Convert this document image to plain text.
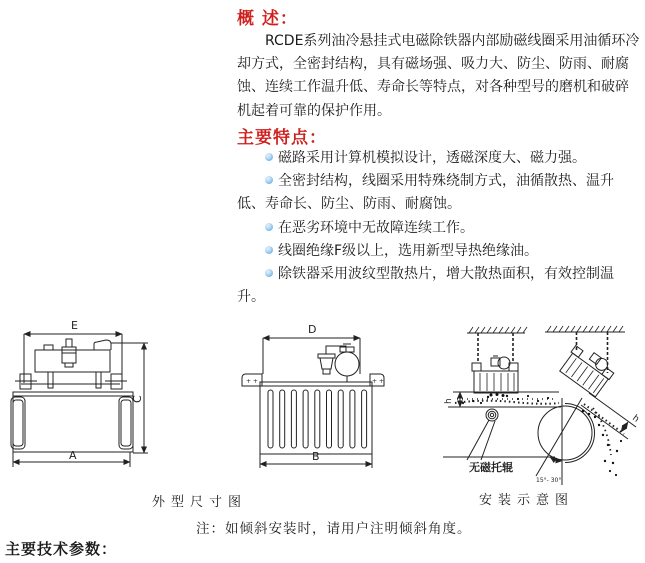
概 述：

RCDE系列油冷悬挂式电磁除铁器内部励磁线圈采用油循环冷却方式，全密封结构，具有磁场强、吸力大、防尘、防雨、耐腐蚀、连续工作温升低、寿命长等特点，对各种型号的磨机和破碎机起着可靠的保护作用。

主要特点：
磁路采用计算机模拟设计，透磁深度大、磁力强。
全密封结构，线圈采用特殊绕制方式，油循散热、温升低、寿命长、防尘、防雨、耐腐蚀。
在恶劣环境中无故障连续工作。
线圈绝缘F级以上，选用新型导热绝缘油。
除铁器采用波纹型散热片，增大散热面积，有效控制温升。
E
A
C
D
+ +	+ +
B
h
无磁托辊
15°- 30°
h
外型尺寸图	安装示意图
注：如倾斜安装时，请用户注明倾斜角度。
主要技术参数：
